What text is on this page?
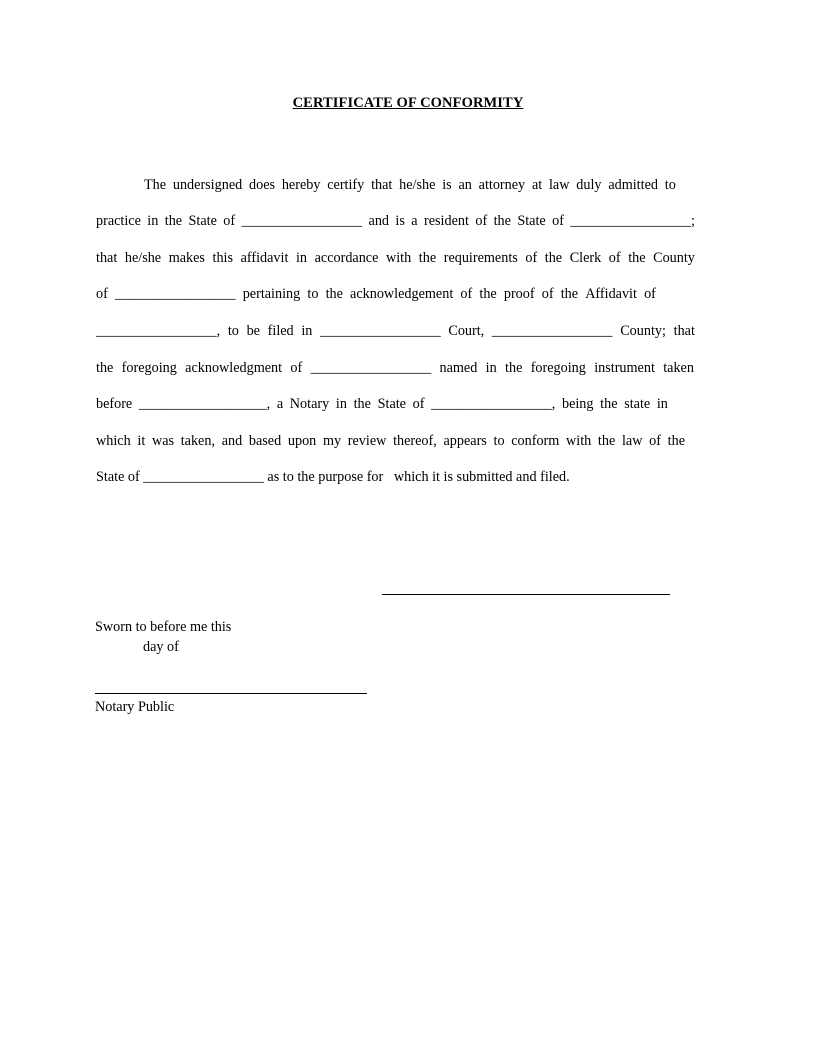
CERTIFICATE OF CONFORMITY
The undersigned does hereby certify that he/she is an attorney at law duly admitted to
practice in the State of _________________ and is a resident of the State of _________________;
that he/she makes this affidavit in accordance with the requirements of the Clerk of the County
of _________________ pertaining to the acknowledgement of the proof of the Affidavit of
_________________, to be filed in _________________ Court, _________________ County; that
the foregoing acknowledgment of _________________ named in the foregoing instrument taken
before __________________, a Notary in the State of _________________, being the state in
which it was taken, and based upon my review thereof, appears to conform with the law of the
State of _________________ as to the purpose for   which it is submitted and filed.
Sworn to before me this
day of
Notary Public
